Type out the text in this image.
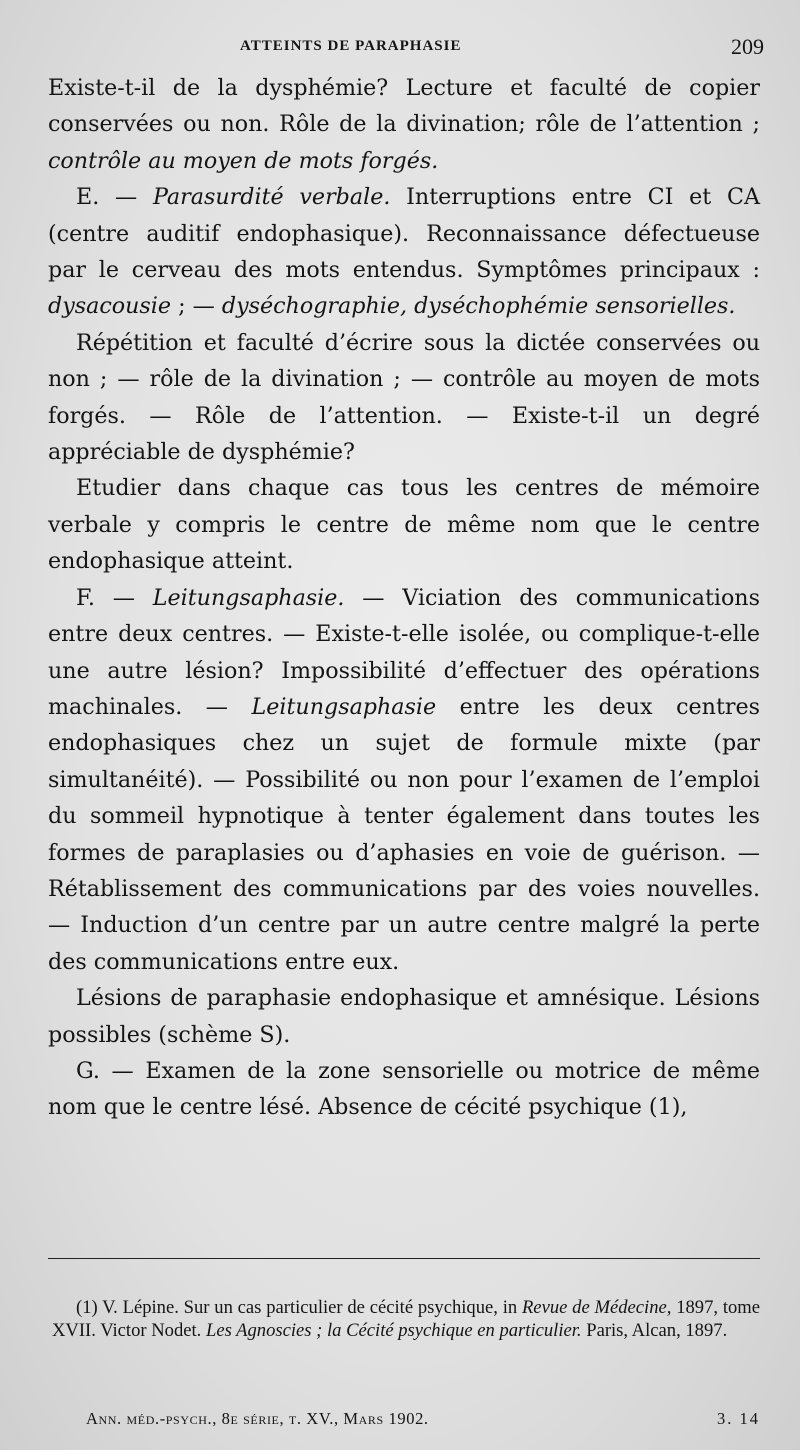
ATTEINTS DE PARAPHASIE	209

Existe-t-il de la dysphémie? Lecture et faculté de copier conservées ou non. Rôle de la divination; rôle de l’attention ; contrôle au moyen de mots forgés.

E. — Parasurdité verbale. Interruptions entre CI et CA (centre auditif endophasique). Reconnaissance défectueuse par le cerveau des mots entendus. Symptômes principaux : dysacousie ; — dyséchographie, dyséchophémie sensorielles.

Répétition et faculté d’écrire sous la dictée conservées ou non ; — rôle de la divination ; — contrôle au moyen de mots forgés. — Rôle de l’attention. — Existe-t-il un degré appréciable de dysphémie?

Etudier dans chaque cas tous les centres de mémoire verbale y compris le centre de même nom que le centre endophasique atteint.

F. — Leitungsaphasie. — Viciation des communications entre deux centres. — Existe-t-elle isolée, ou complique-t-elle une autre lésion? Impossibilité d’effectuer des opérations machinales. — Leitungsaphasie entre les deux centres endophasiques chez un sujet de formule mixte (par simultanéité). — Possibilité ou non pour l’examen de l’emploi du sommeil hypnotique à tenter également dans toutes les formes de paraplasies ou d’aphasies en voie de guérison. — Rétablissement des communications par des voies nouvelles. — Induction d’un centre par un autre centre malgré la perte des communications entre eux.

Lésions de paraphasie endophasique et amnésique. Lésions possibles (schème S).

G. — Examen de la zone sensorielle ou motrice de même nom que le centre lésé. Absence de cécité psychique (1),

(1) V. Lépine. Sur un cas particulier de cécité psychique, in Revue de Médecine, 1897, tome XVII. Victor Nodet. Les Agnoscies ; la Cécité psychique en particulier. Paris, Alcan, 1897.

Ann. méd.-psych., 8e série, t. XV., Mars 1902.	3. 14
